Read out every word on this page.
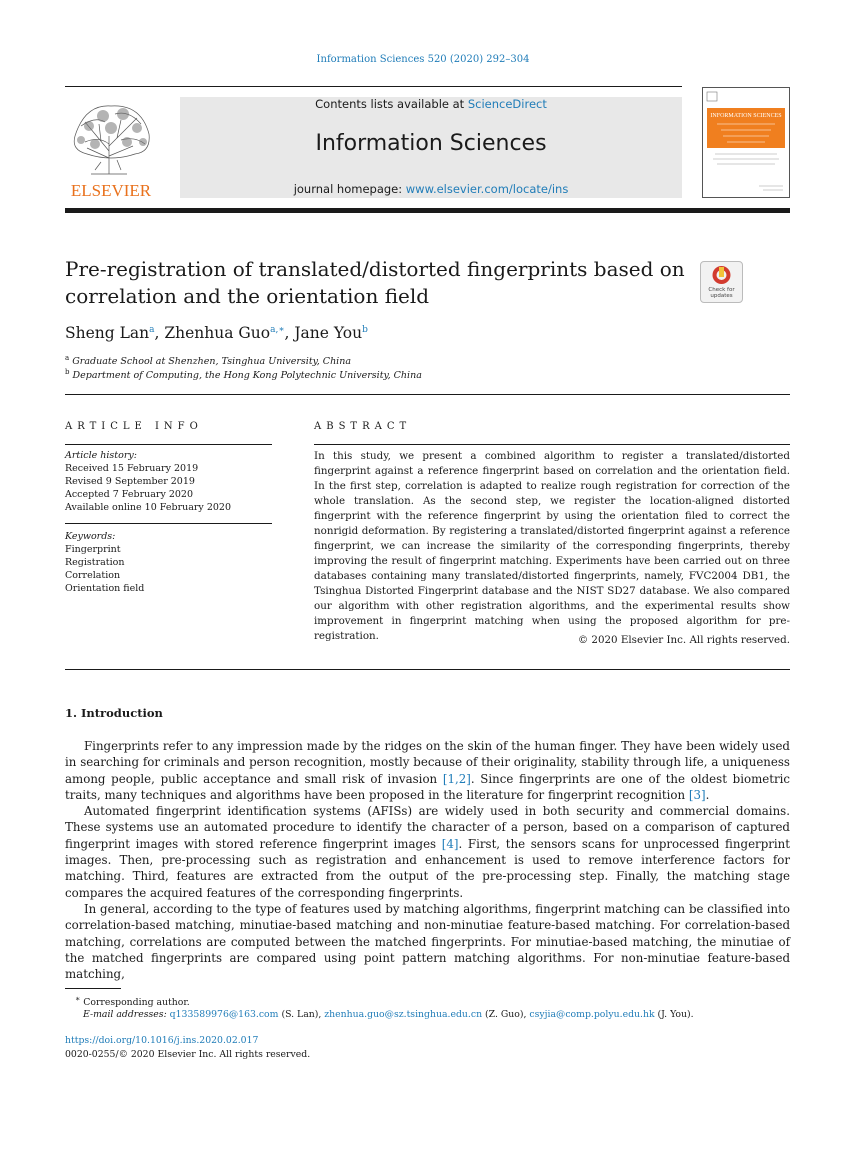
Information Sciences 520 (2020) 292–304
ELSEVIER
Contents lists available at ScienceDirect
Information Sciences
journal homepage: www.elsevier.com/locate/ins
INFORMATION SCIENCES
Pre-registration of translated/distorted fingerprints based on correlation and the orientation field	Check for
updates
Sheng Lan$^a$, Zhenhua Guo$^{a,∗}$, Jane You$^b$
$^a$ Graduate School at Shenzhen, Tsinghua University, China
$^b$ Department of Computing, the Hong Kong Polytechnic University, China
ARTICLE INFO
Article history:
Received 15 February 2019
Revised 9 September 2019
Accepted 7 February 2020
Available online 10 February 2020
Keywords:
Fingerprint
Registration
Correlation
Orientation field
ABSTRACT
In this study, we present a combined algorithm to register a translated/distorted fingerprint against a reference fingerprint based on correlation and the orientation field. In the first step, correlation is adapted to realize rough registration for correction of the whole translation. As the second step, we register the location-aligned distorted fingerprint with the reference fingerprint by using the orientation filed to correct the nonrigid deformation. By registering a translated/distorted fingerprint against a reference fingerprint, we can increase the similarity of the corresponding fingerprints, thereby improving the result of fingerprint matching. Experiments have been carried out on three databases containing many translated/distorted fingerprints, namely, FVC2004 DB1, the Tsinghua Distorted Fingerprint database and the NIST SD27 database. We also compared our algorithm with other registration algorithms, and the experimental results show improvement in fingerprint matching when using the proposed algorithm for pre-registration.	© 2020 Elsevier Inc. All rights reserved.
1. Introduction

Fingerprints refer to any impression made by the ridges on the skin of the human finger. They have been widely used in searching for criminals and person recognition, mostly because of their originality, stability through life, a uniqueness among people, public acceptance and small risk of invasion [1,2]. Since fingerprints are one of the oldest biometric traits, many techniques and algorithms have been proposed in the literature for fingerprint recognition [3].

Automated fingerprint identification systems (AFISs) are widely used in both security and commercial domains. These systems use an automated procedure to identify the character of a person, based on a comparison of captured fingerprint images with stored reference fingerprint images [4]. First, the sensors scans for unprocessed fingerprint images. Then, pre-processing such as registration and enhancement is used to remove interference factors for matching. Third, features are extracted from the output of the pre-processing step. Finally, the matching stage compares the acquired features of the corresponding fingerprints.

In general, according to the type of features used by matching algorithms, fingerprint matching can be classified into correlation-based matching, minutiae-based matching and non-minutiae feature-based matching. For correlation-based matching, correlations are computed between the matched fingerprints. For minutiae-based matching, the minutiae of the matched fingerprints are compared using point pattern matching algorithms. For non-minutiae feature-based matching,

∗ Corresponding author.
E-mail addresses: q133589976@163.com (S. Lan), zhenhua.guo@sz.tsinghua.edu.cn (Z. Guo), csyjia@comp.polyu.edu.hk (J. You).
https://doi.org/10.1016/j.ins.2020.02.017
0020-0255/© 2020 Elsevier Inc. All rights reserved.
